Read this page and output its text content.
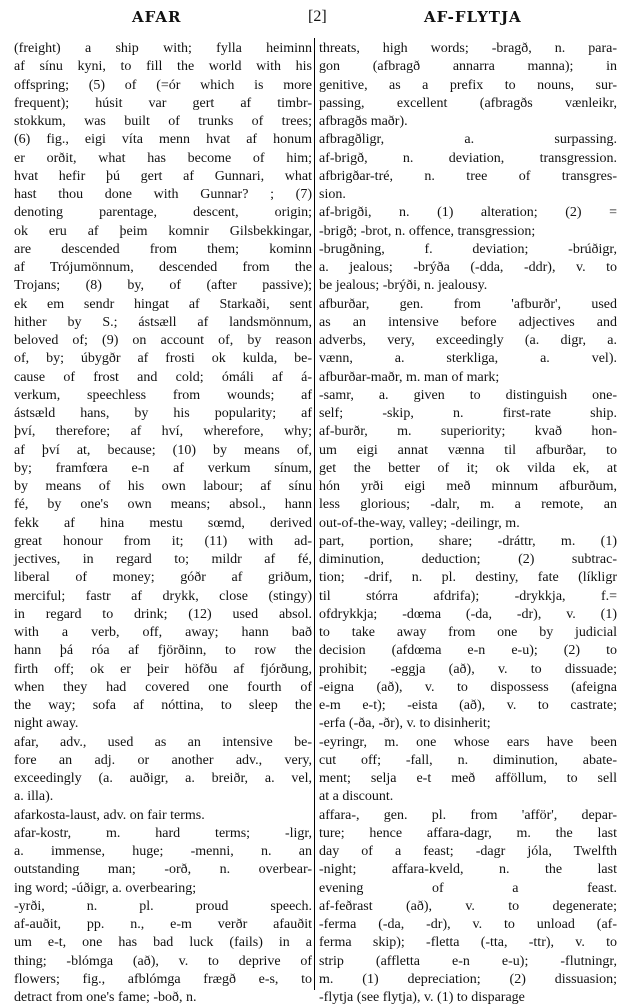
AFAR	[2]	AF-FLYTJA
(freight) a ship with; fylla heiminn
af sínu kyni, to fill the world with his
offspring; (5) of (=ór which is more
frequent); húsit var gert af timbr-
stokkum, was built of trunks of trees;
(6) fig., eigi víta menn hvat af honum
er orðit, what has become of him;
hvat hefir þú gert af Gunnari, what
hast thou done with Gunnar? ; (7)
denoting parentage, descent, origin;
ok eru af þeim komnir Gilsbekkingar,
are descended from them; kominn
af Trójumönnum, descended from the
Trojans; (8) by, of (after passive);
ek em sendr hingat af Starkaði, sent
hither by S.; ástsæll af landsmönnum,
beloved of; (9) on account of, by reason
of, by; úbygðr af frosti ok kulda, be-
cause of frost and cold; ómáli af á-
verkum, speechless from wounds; af
ástsæld hans, by his popularity; af
því, therefore; af hví, wherefore, why;
af því at, because; (10) by means of,
by; framfœra e-n af verkum sínum,
by means of his own labour; af sínu
fé, by one's own means; absol., hann
fekk af hina mestu sœmd, derived
great honour from it; (11) with ad-
jectives, in regard to; mildr af fé,
liberal of money; góðr af griðum,
merciful; fastr af drykk, close (stingy)
in regard to drink; (12) used absol.
with a verb, off, away; hann bað
hann þá róa af fjörðinn, to row the
firth off; ok er þeir höfðu af fjórðung,
when they had covered one fourth of
the way; sofa af nóttina, to sleep the
night away.
afar, adv., used as an intensive be-
fore an adj. or another adv., very,
exceedingly (a. auðigr, a. breiðr, a. vel,
a. illa).
afarkosta-laust, adv. on fair terms.
afar-kostr, m. hard terms; -ligr,
a. immense, huge; -menni, n. an
outstanding man; -orð, n. overbear-
ing word; -úðigr, a. overbearing;
-yrði, n. pl. proud speech.
af-auðit, pp. n., e-m verðr afauðit
um e-t, one has bad luck (fails) in a
thing; -blómga (að), v. to deprive of
flowers; fig., afblómga frægð e-s, to
detract from one's fame; -boð, n.
threats, high words; -bragð, n. para-
gon (afbragð annarra manna); in
genitive, as a prefix to nouns, sur-
passing, excellent (afbragðs vænleikr,
afbragðs maðr).
afbragðligr, a. surpassing.
af-brigð, n. deviation, transgression.
afbrigðar-tré, n. tree of transgres-
sion.
af-brigði, n. (1) alteration; (2) =
-brigð; -brot, n. offence, transgression;
-brugðning, f. deviation; -brúðigr,
a. jealous; -brýða (-dda, -ddr), v. to
be jealous; -brýði, n. jealousy.
afburðar, gen. from 'afburðr', used
as an intensive before adjectives and
adverbs, very, exceedingly (a. digr, a.
vænn, a. sterkliga, a. vel).
afburðar-maðr, m. man of mark;
-samr, a. given to distinguish one-
self; -skip, n. first-rate ship.
af-burðr, m. superiority; kvað hon-
um eigi annat vænna til afburðar, to
get the better of it; ok vilda ek, at
hón yrði eigi með minnum afburðum,
less glorious; -dalr, m. a remote, an
out-of-the-way, valley; -deilingr, m.
part, portion, share; -dráttr, m. (1)
diminution, deduction; (2) subtrac-
tion; -drif, n. pl. destiny, fate (líkligr
til stórra afdrifa); -drykkja, f.=
ofdrykkja; -dœma (-da, -dr), v. (1)
to take away from one by judicial
decision (afdœma e-n e-u); (2) to
prohibit; -eggja (að), v. to dissuade;
-eigna (að), v. to dispossess (afeigna
e-m e-t); -eista (að), v. to castrate;
-erfa (-ða, -ðr), v. to disinherit;
-eyringr, m. one whose ears have been
cut off; -fall, n. diminution, abate-
ment; selja e-t með afföllum, to sell
at a discount.
affara-, gen. pl. from 'afför', depar-
ture; hence affara-dagr, m. the last
day of a feast; -dagr jóla, Twelfth
-night; affara-kveld, n. the last
evening of a feast.
af-feðrast (að), v. to degenerate;
-ferma (-da, -dr), v. to unload (af-
ferma skip); -fletta (-tta, -ttr), v. to
strip (affletta e-n e-u); -flutningr,
m. (1) depreciation; (2) dissuasion;
-flytja (see flytja), v. (1) to disparage
